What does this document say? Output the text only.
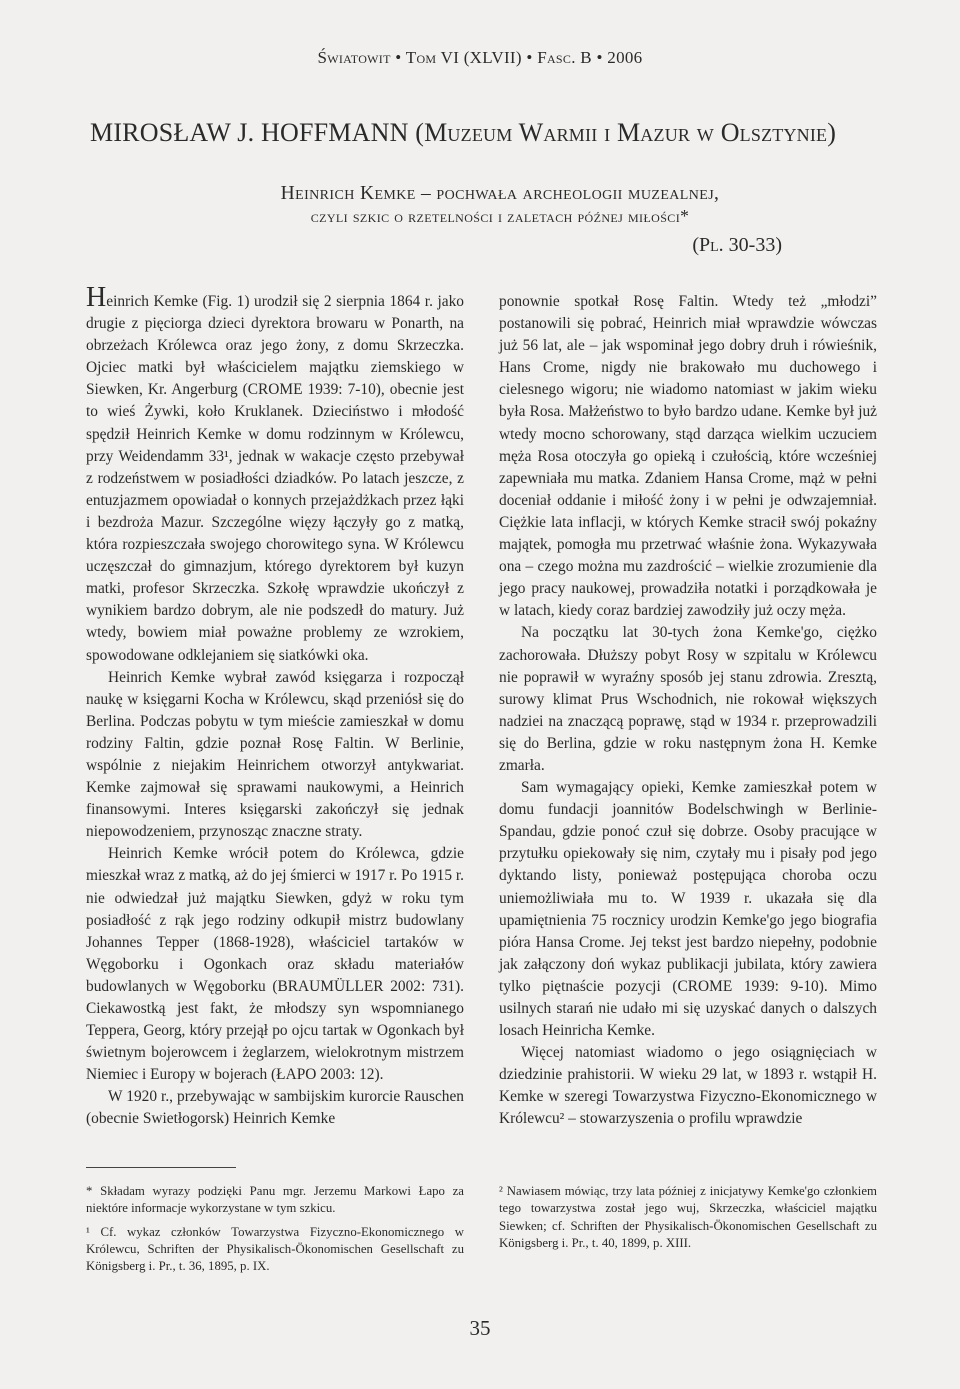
Światowit • Tom VI (XLVII) • Fasc. B • 2006
MIROSŁAW J. HOFFMANN (Muzeum Warmii i Mazur w Olsztynie)
Heinrich Kemke – pochwała archeologii muzealnej,
czyli szkic o rzetelności i zaletach późnej miłości*
(Pl. 30-33)

Heinrich Kemke (Fig. 1) urodził się 2 sierpnia 1864 r. jako drugie z pięciorga dzieci dyrektora browaru w Ponarth, na obrzeżach Królewca oraz jego żony, z domu Skrzeczka. Ojciec matki był właścicielem majątku ziemskiego w Siewken, Kr. Angerburg (CROME 1939: 7-10), obecnie jest to wieś Żywki, koło Kruklanek. Dzieciństwo i młodość spędził Heinrich Kemke w domu rodzinnym w Królewcu, przy Weidendamm 33¹, jednak w wakacje często przebywał z rodzeństwem w posiadłości dziadków. Po latach jeszcze, z entuzjazmem opowiadał o konnych przejażdżkach przez łąki i bezdroża Mazur. Szczególne więzy łączyły go z matką, która rozpieszczała swojego chorowitego syna. W Królewcu uczęszczał do gimnazjum, którego dyrektorem był kuzyn matki, profesor Skrzeczka. Szkołę wprawdzie ukończył z wynikiem bardzo dobrym, ale nie podszedł do matury. Już wtedy, bowiem miał poważne problemy ze wzrokiem, spowodowane odklejaniem się siatkówki oka.

Heinrich Kemke wybrał zawód księgarza i rozpoczął naukę w księgarni Kocha w Królewcu, skąd przeniósł się do Berlina. Podczas pobytu w tym mieście zamieszkał w domu rodziny Faltin, gdzie poznał Rosę Faltin. W Berlinie, wspólnie z niejakim Heinrichem otworzył antykwariat. Kemke zajmował się sprawami naukowymi, a Heinrich finansowymi. Interes księgarski zakończył się jednak niepowodzeniem, przynosząc znaczne straty.

Heinrich Kemke wrócił potem do Królewca, gdzie mieszkał wraz z matką, aż do jej śmierci w 1917 r. Po 1915 r. nie odwiedzał już majątku Siewken, gdyż w roku tym posiadłość z rąk jego rodziny odkupił mistrz budowlany Johannes Tepper (1868-1928), właściciel tartaków w Węgoborku i Ogonkach oraz składu materiałów budowlanych w Węgoborku (BRAUMÜLLER 2002: 731). Ciekawostką jest fakt, że młodszy syn wspomnianego Teppera, Georg, który przejął po ojcu tartak w Ogonkach był świetnym bojerowcem i żeglarzem, wielokrotnym mistrzem Niemiec i Europy w bojerach (ŁAPO 2003: 12).

W 1920 r., przebywając w sambijskim kurorcie Rauschen (obecnie Swietłogorsk) Heinrich Kemke

ponownie spotkał Rosę Faltin. Wtedy też „młodzi” postanowili się pobrać, Heinrich miał wprawdzie wówczas już 56 lat, ale – jak wspominał jego dobry druh i rówieśnik, Hans Crome, nigdy nie brakowało mu duchowego i cielesnego wigoru; nie wiadomo natomiast w jakim wieku była Rosa. Małżeństwo to było bardzo udane. Kemke był już wtedy mocno schorowany, stąd darząca wielkim uczuciem męża Rosa otoczyła go opieką i czułością, które wcześniej zapewniała mu matka. Zdaniem Hansa Crome, mąż w pełni doceniał oddanie i miłość żony i w pełni je odwzajemniał. Ciężkie lata inflacji, w których Kemke stracił swój pokaźny majątek, pomogła mu przetrwać właśnie żona. Wykazywała ona – czego można mu zazdrościć – wielkie zrozumienie dla jego pracy naukowej, prowadziła notatki i porządkowała je w latach, kiedy coraz bardziej zawodziły już oczy męża.

Na początku lat 30-tych żona Kemke'go, ciężko zachorowała. Dłuższy pobyt Rosy w szpitalu w Królewcu nie poprawił w wyraźny sposób jej stanu zdrowia. Zresztą, surowy klimat Prus Wschodnich, nie rokował większych nadziei na znaczącą poprawę, stąd w 1934 r. przeprowadzili się do Berlina, gdzie w roku następnym żona H. Kemke zmarła.

Sam wymagający opieki, Kemke zamieszkał potem w domu fundacji joannitów Bodelschwingh w Berlinie-Spandau, gdzie ponoć czuł się dobrze. Osoby pracujące w przytułku opiekowały się nim, czytały mu i pisały pod jego dyktando listy, ponieważ postępująca choroba oczu uniemożliwiała mu to. W 1939 r. ukazała się dla upamiętnienia 75 rocznicy urodzin Kemke'go jego biografia pióra Hansa Crome. Jej tekst jest bardzo niepełny, podobnie jak załączony doń wykaz publikacji jubilata, który zawiera tylko piętnaście pozycji (CROME 1939: 9-10). Mimo usilnych starań nie udało mi się uzyskać danych o dalszych losach Heinricha Kemke.

Więcej natomiast wiadomo o jego osiągnięciach w dziedzinie prahistorii. W wieku 29 lat, w 1893 r. wstąpił H. Kemke w szeregi Towarzystwa Fizyczno-Ekonomicznego w Królewcu² – stowarzyszenia o profilu wprawdzie

* Składam wyrazy podzięki Panu mgr. Jerzemu Markowi Łapo za niektóre informacje wykorzystane w tym szkicu.

¹ Cf. wykaz członków Towarzystwa Fizyczno-Ekonomicznego w Królewcu, Schriften der Physikalisch-Ökonomischen Gesellschaft zu Königsberg i. Pr., t. 36, 1895, p. IX.

² Nawiasem mówiąc, trzy lata później z inicjatywy Kemke'go członkiem tego towarzystwa został jego wuj, Skrzeczka, właściciel majątku Siewken; cf. Schriften der Physikalisch-Ökonomischen Gesellschaft zu Königsberg i. Pr., t. 40, 1899, p. XIII.

35
